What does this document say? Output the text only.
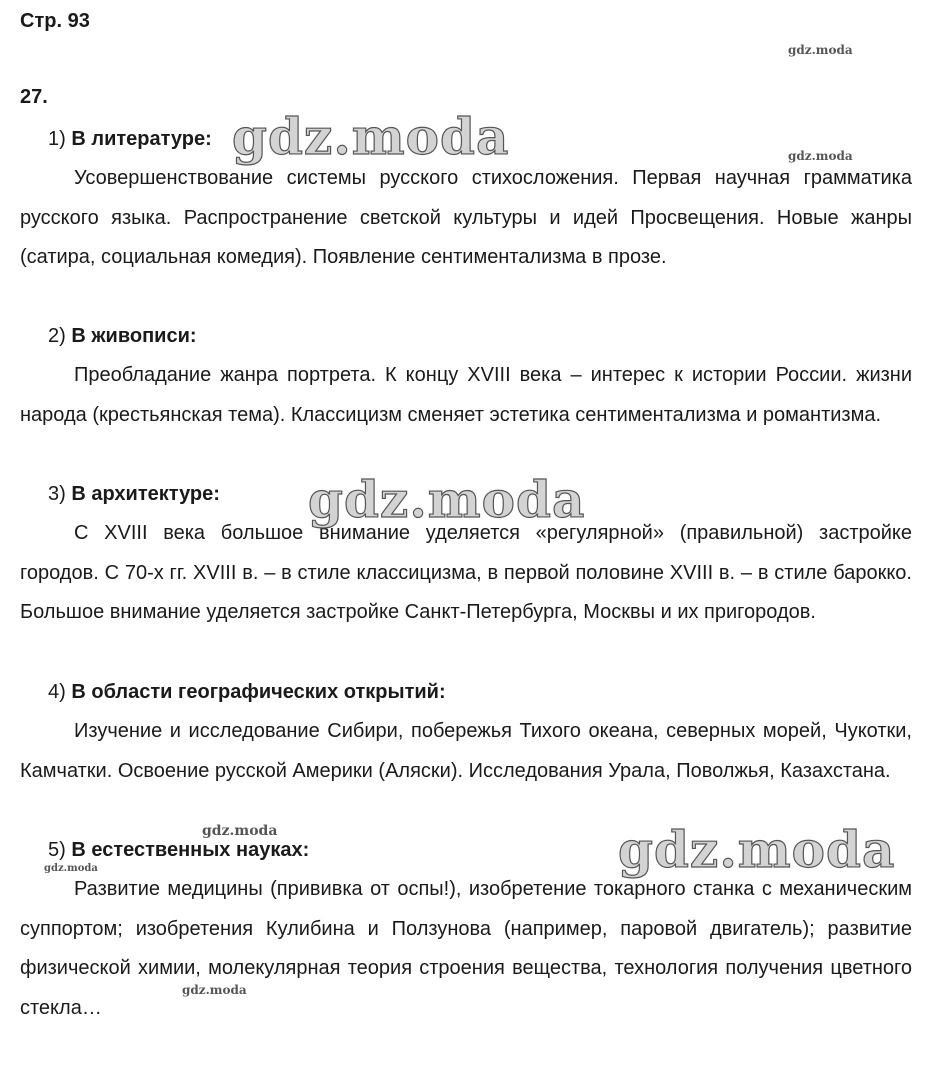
Стр. 93
27.
1) В литературе:

Усовершенствование системы русского стихосложения. Первая научная грамматика русского языка. Распространение светской культуры и идей Просвещения. Новые жанры (сатира, социальная комедия). Появление сентиментализма в прозе.

2) В живописи:

Преобладание жанра портрета. К концу XVIII века – интерес к истории России. жизни народа (крестьянская тема). Классицизм сменяет эстетика сентиментализма и романтизма.

3) В архитектуре:

С XVIII века большое внимание уделяется «регулярной» (правильной) застройке городов. С 70-х гг. XVIII в. – в стиле классицизма, в первой половине XVIII в. – в стиле барокко. Большое внимание уделяется застройке Санкт-Петербурга, Москвы и их пригородов.

4) В области географических открытий:

Изучение и исследование Сибири, побережья Тихого океана, северных морей, Чукотки, Камчатки. Освоение русской Америки (Аляски). Исследования Урала, Поволжья, Казахстана.

5) В естественных науках:

Развитие медицины (прививка от оспы!), изобретение токарного станка с механическим суппортом; изобретения Кулибина и Ползунова (например, паровой двигатель); развитие физической химии, молекулярная теория строения вещества, технология получения цветного стекла…

gdz.moda
gdz.moda
gdz.moda
gdz.moda
gdz.moda
gdz.moda
gdz.moda
gdz.moda
